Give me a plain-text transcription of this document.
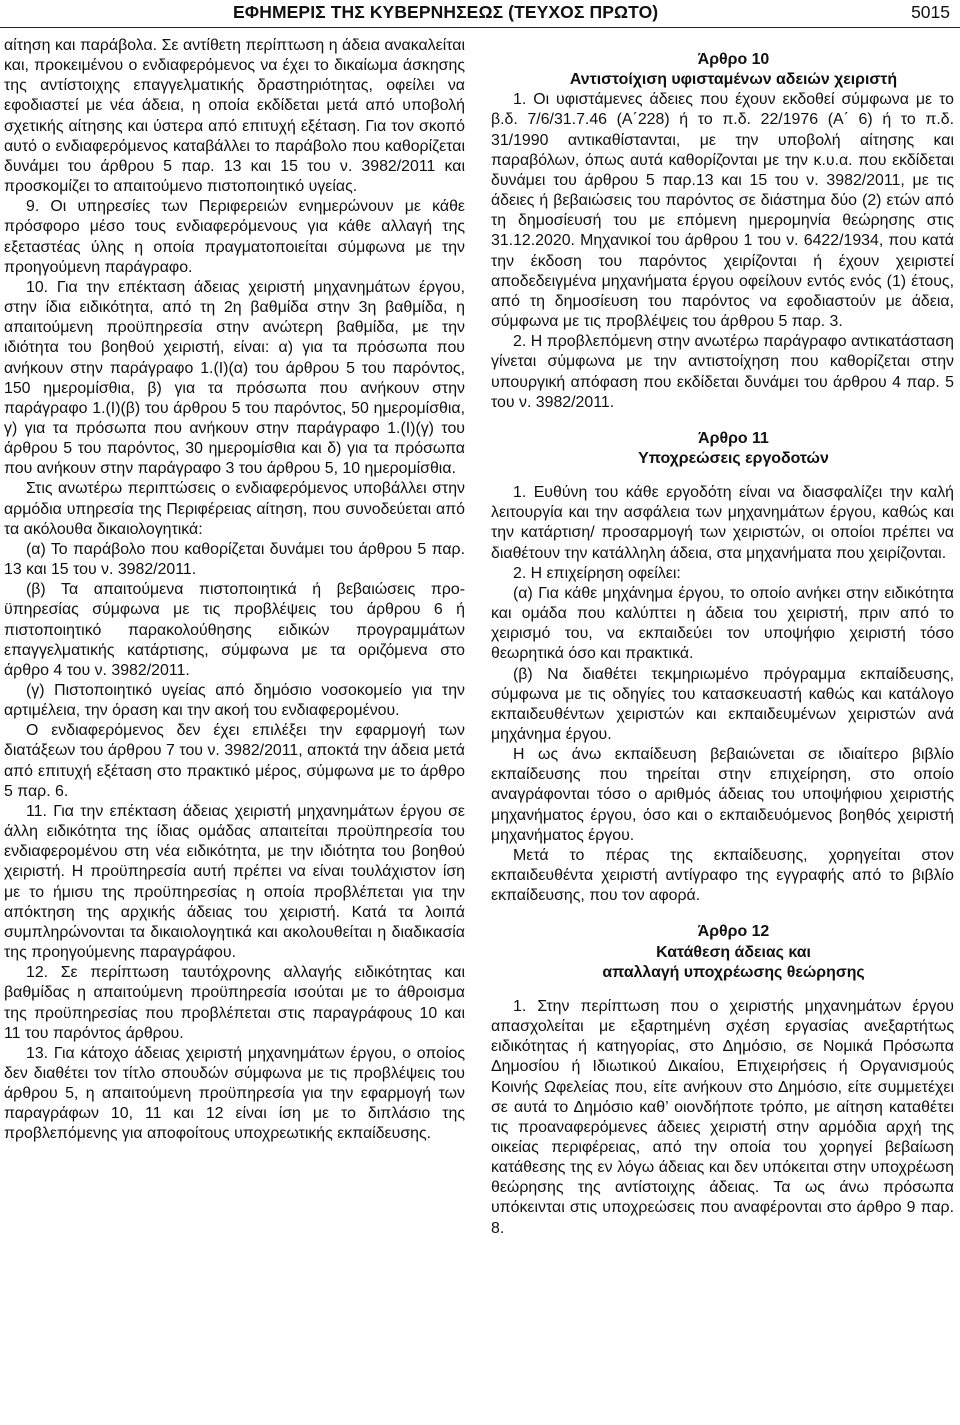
ΕΦΗΜΕΡΙΣ ΤΗΣ ΚΥΒΕΡΝΗΣΕΩΣ (ΤΕΥΧΟΣ ΠΡΩΤΟ)	5015

αίτηση και παράβολα. Σε αντίθετη περίπτωση η άδεια ανακαλείται και, προκειμένου ο ενδιαφερόμενος να έχει το δικαίωμα άσκησης της αντίστοιχης επαγγελματικής δραστηριότητας, οφείλει να εφοδιαστεί με νέα άδεια, η οποία εκδίδεται μετά από υποβολή σχετικής αίτησης και ύστερα από επιτυχή εξέταση. Για τον σκοπό αυτό ο ενδιαφερόμενος καταβάλλει το παράβολο που καθορίζεται δυνάμει του άρθρου 5 παρ. 13 και 15 του ν. 3982/2011 και προσκομίζει το απαιτούμενο πιστοποιητικό υγείας.

9. Οι υπηρεσίες των Περιφερειών ενημερώνουν με κάθε πρόσφορο μέσο τους ενδιαφερόμενους για κάθε αλλαγή της εξεταστέας ύλης η οποία πραγματοποιείται σύμφωνα με την προηγούμενη παράγραφο.

10. Για την επέκταση άδειας χειριστή μηχανημάτων έργου, στην ίδια ειδικότητα, από τη 2η βαθμίδα στην 3η βαθμίδα, η απαιτούμενη προϋπηρεσία στην ανώτερη βαθμίδα, με την ιδιότητα του βοηθού χειριστή, είναι: α) για τα πρόσωπα που ανήκουν στην παράγραφο 1.(Ι)(α) του άρθρου 5 του παρόντος, 150 ημερομίσθια, β) για τα πρόσωπα που ανήκουν στην παράγραφο 1.(Ι)(β) του άρθρου 5 του παρόντος, 50 ημερομίσθια, γ) για τα πρόσωπα που ανήκουν στην παράγραφο 1.(Ι)(γ) του άρθρου 5 του παρόντος, 30 ημερομίσθια και δ) για τα πρόσωπα που ανήκουν στην παράγραφο 3 του άρθρου 5, 10 ημερομίσθια.

Στις ανωτέρω περιπτώσεις ο ενδιαφερόμενος υποβάλλει στην αρμόδια υπηρεσία της Περιφέρειας αίτηση, που συνοδεύεται από τα ακόλουθα δικαιολογητικά:

(α) Το παράβολο που καθορίζεται δυνάμει του άρθρου 5 παρ. 13 και 15 του ν. 3982/2011.

(β) Τα απαιτούμενα πιστοποιητικά ή βεβαιώσεις προϋπηρεσίας σύμφωνα με τις προβλέψεις του άρθρου 6 ή πιστοποιητικό παρακολούθησης ειδικών προγραμμάτων επαγγελματικής κατάρτισης, σύμφωνα με τα οριζόμενα στο άρθρο 4 του ν. 3982/2011.

(γ) Πιστοποιητικό υγείας από δημόσιο νοσοκομείο για την αρτιμέλεια, την όραση και την ακοή του ενδιαφερομένου.

Ο ενδιαφερόμενος δεν έχει επιλέξει την εφαρμογή των διατάξεων του άρθρου 7 του ν. 3982/2011, αποκτά την άδεια μετά από επιτυχή εξέταση στο πρακτικό μέρος, σύμφωνα με το άρθρο 5 παρ. 6.

11. Για την επέκταση άδειας χειριστή μηχανημάτων έργου σε άλλη ειδικότητα της ίδιας ομάδας απαιτείται προϋπηρεσία του ενδιαφερομένου στη νέα ειδικότητα, με την ιδιότητα του βοηθού χειριστή. Η προϋπηρεσία αυτή πρέπει να είναι τουλάχιστον ίση με το ήμισυ της προϋπηρεσίας η οποία προβλέπεται για την απόκτηση της αρχικής άδειας του χειριστή. Κατά τα λοιπά συμπληρώνονται τα δικαιολογητικά και ακολουθείται η διαδικασία της προηγούμενης παραγράφου.

12. Σε περίπτωση ταυτόχρονης αλλαγής ειδικότητας και βαθμίδας η απαιτούμενη προϋπηρεσία ισούται με το άθροισμα της προϋπηρεσίας που προβλέπεται στις παραγράφους 10 και 11 του παρόντος άρθρου.

13. Για κάτοχο άδειας χειριστή μηχανημάτων έργου, ο οποίος δεν διαθέτει τον τίτλο σπουδών σύμφωνα με τις προβλέψεις του άρθρου 5, η απαιτούμενη προϋπηρεσία για την εφαρμογή των παραγράφων 10, 11 και 12 είναι ίση με το διπλάσιο της προβλεπόμενης για αποφοίτους υποχρεωτικής εκπαίδευσης.

Άρθρο 10

Αντιστοίχιση υφισταμένων αδειών χειριστή

1. Οι υφιστάμενες άδειες που έχουν εκδοθεί σύμφωνα με το β.δ. 7/6/31.7.46 (Α΄228) ή το π.δ. 22/1976 (Α΄ 6) ή το π.δ. 31/1990 αντικαθίστανται, με την υποβολή αίτησης και παραβόλων, όπως αυτά καθορίζονται με την κ.υ.α. που εκδίδεται δυνάμει του άρθρου 5 παρ.13 και 15 του ν. 3982/2011, με τις άδειες ή βεβαιώσεις του παρόντος σε διάστημα δύο (2) ετών από τη δημοσίευσή του με επόμενη ημερομηνία θεώρησης στις 31.12.2020. Μηχανικοί του άρθρου 1 του ν. 6422/1934, που κατά την έκδοση του παρόντος χειρίζονται ή έχουν χειριστεί αποδεδειγμένα μηχανήματα έργου οφείλουν εντός ενός (1) έτους, από τη δημοσίευση του παρόντος να εφοδιαστούν με άδεια, σύμφωνα με τις προβλέψεις του άρθρου 5 παρ. 3.

2. Η προβλεπόμενη στην ανωτέρω παράγραφο αντικατάσταση γίνεται σύμφωνα με την αντιστοίχηση που καθορίζεται στην υπουργική απόφαση που εκδίδεται δυνάμει του άρθρου 4 παρ. 5 του ν. 3982/2011.

Άρθρο 11

Υποχρεώσεις εργοδοτών

1. Ευθύνη του κάθε εργοδότη είναι να διασφαλίζει την καλή λειτουργία και την ασφάλεια των μηχανημάτων έργου, καθώς και την κατάρτιση/ προσαρμογή των χειριστών, οι οποίοι πρέπει να διαθέτουν την κατάλληλη άδεια, στα μηχανήματα που χειρίζονται.

2. Η επιχείρηση οφείλει:

(α) Για κάθε μηχάνημα έργου, το οποίο ανήκει στην ειδικότητα και ομάδα που καλύπτει η άδεια του χειριστή, πριν από το χειρισμό του, να εκπαιδεύει τον υποψήφιο χειριστή τόσο θεωρητικά όσο και πρακτικά.

(β) Να διαθέτει τεκμηριωμένο πρόγραμμα εκπαίδευσης, σύμφωνα με τις οδηγίες του κατασκευαστή καθώς και κατάλογο εκπαιδευθέντων χειριστών και εκπαιδευμένων χειριστών ανά μηχάνημα έργου.

Η ως άνω εκπαίδευση βεβαιώνεται σε ιδιαίτερο βιβλίο εκπαίδευσης που τηρείται στην επιχείρηση, στο οποίο αναγράφονται τόσο ο αριθμός άδειας του υποψήφιου χειριστής μηχανήματος έργου, όσο και ο εκπαιδευόμενος βοηθός χειριστή μηχανήματος έργου.

Μετά το πέρας της εκπαίδευσης, χορηγείται στον εκπαιδευθέντα χειριστή αντίγραφο της εγγραφής από το βιβλίο εκπαίδευσης, που τον αφορά.

Άρθρο 12

Κατάθεση άδειας και

απαλλαγή υποχρέωσης θεώρησης

1. Στην περίπτωση που ο χειριστής μηχανημάτων έργου απασχολείται με εξαρτημένη σχέση εργασίας ανεξαρτήτως ειδικότητας ή κατηγορίας, στο Δημόσιο, σε Νομικά Πρόσωπα Δημοσίου ή Ιδιωτικού Δικαίου, Επιχειρήσεις ή Οργανισμούς Κοινής Ωφελείας που, είτε ανήκουν στο Δημόσιο, είτε συμμετέχει σε αυτά το Δημόσιο καθ’ οιονδήποτε τρόπο, με αίτηση καταθέτει τις προαναφερόμενες άδειες χειριστή στην αρμόδια αρχή της οικείας περιφέρειας, από την οποία του χορηγεί βεβαίωση κατάθεσης της εν λόγω άδειας και δεν υπόκειται στην υποχρέωση θεώρησης της αντίστοιχης άδειας. Τα ως άνω πρόσωπα υπόκεινται στις υποχρεώσεις που αναφέρονται στο άρθρο 9 παρ. 8.
